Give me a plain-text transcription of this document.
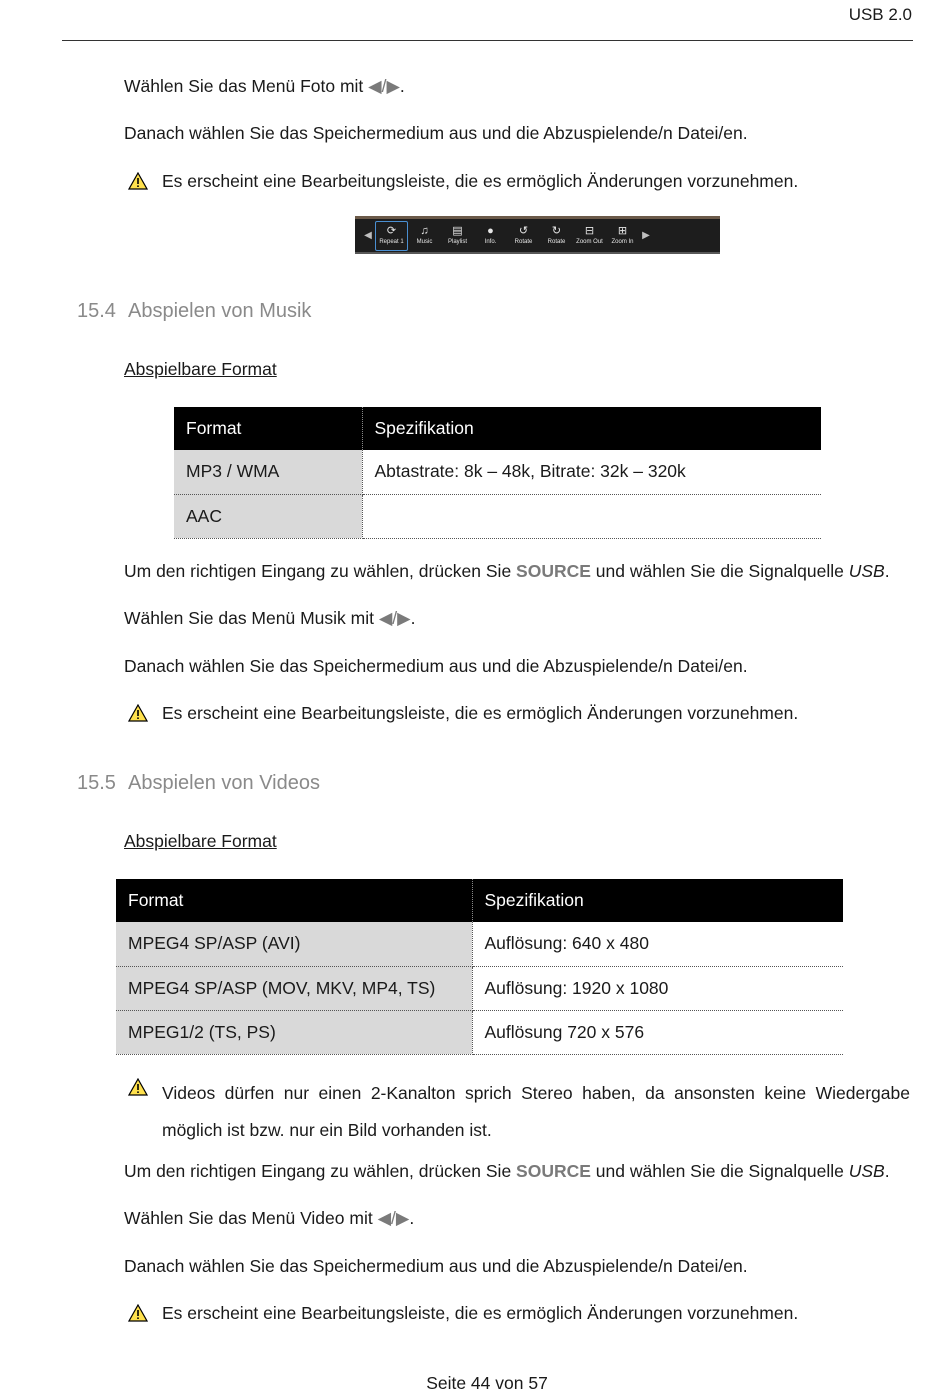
USB 2.0
Wählen Sie das Menü Foto mit ◀/▶.
Danach wählen Sie das Speichermedium aus und die Abzuspielende/n Datei/en.
Es erscheint eine Bearbeitungsleiste, die es ermöglich Änderungen vorzunehmen.
◀ ⟳
Repeat 1
♫
Music
▤
Playlist
●
Info.
↺
Rotate
↻
Rotate
⊟
Zoom Out
⊞
Zoom In
▶
15.4 Abspielen von Musik
Abspielbare Format
Format	Spezifikation
MP3 / WMA	Abtastrate: 8k – 48k, Bitrate: 32k – 320k
AAC	
Um den richtigen Eingang zu wählen, drücken Sie SOURCE und wählen Sie die Signalquelle USB.
Wählen Sie das Menü Musik mit ◀/▶.
Danach wählen Sie das Speichermedium aus und die Abzuspielende/n Datei/en.
Es erscheint eine Bearbeitungsleiste, die es ermöglich Änderungen vorzunehmen.
15.5 Abspielen von Videos
Abspielbare Format
Format	Spezifikation
MPEG4 SP/ASP (AVI)	Auflösung: 640 x 480
MPEG4 SP/ASP (MOV, MKV, MP4, TS)	Auflösung: 1920 x 1080
MPEG1/2 (TS, PS)	Auflösung 720 x 576
Videos dürfen nur einen 2-Kanalton sprich Stereo haben, da ansonsten keine Wiedergabe
möglich ist bzw. nur ein Bild vorhanden ist.
Um den richtigen Eingang zu wählen, drücken Sie SOURCE und wählen Sie die Signalquelle USB.
Wählen Sie das Menü Video mit ◀/▶.
Danach wählen Sie das Speichermedium aus und die Abzuspielende/n Datei/en.
Es erscheint eine Bearbeitungsleiste, die es ermöglich Änderungen vorzunehmen.
Seite 44 von 57
